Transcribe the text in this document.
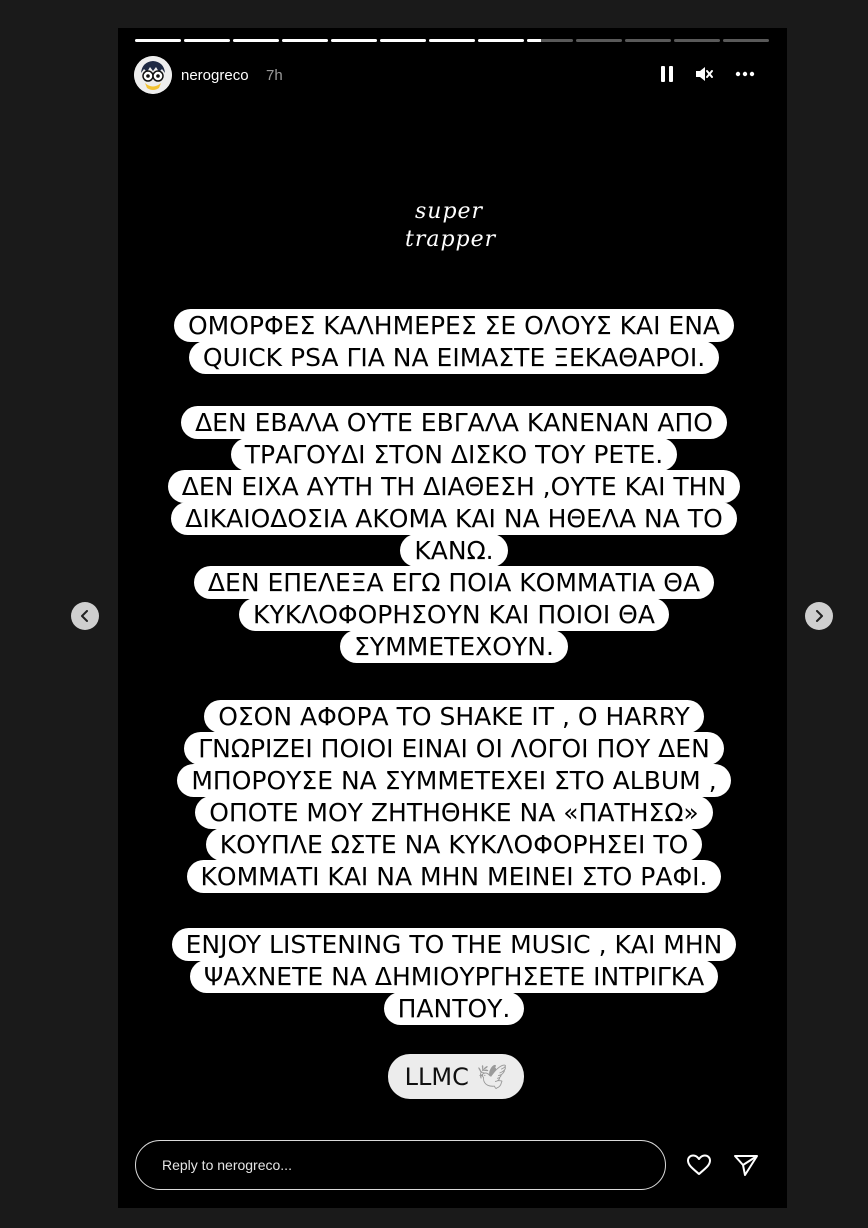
nerogreco 7h
super
trapper
ΟΜΟΡΦΕΣ ΚΑΛΗΜΕΡΕΣ ΣΕ ΟΛΟΥΣ ΚΑΙ ΕΝΑ
QUICK PSA ΓΙΑ ΝΑ ΕΙΜΑΣΤΕ ΞΕΚΑΘΑΡΟΙ.
ΔΕΝ ΕΒΑΛΑ ΟΥΤΕ ΕΒΓΑΛΑ ΚΑΝΕΝΑΝ ΑΠΟ
ΤΡΑΓΟΥΔΙ ΣΤΟΝ ΔΙΣΚΟ ΤΟΥ PETE.
ΔΕΝ ΕΙΧΑ ΑΥΤΗ ΤΗ ΔΙΑΘΕΣΗ ,ΟΥΤΕ ΚΑΙ ΤΗΝ
ΔΙΚΑΙΟΔΟΣΙΑ ΑΚΟΜΑ ΚΑΙ ΝΑ ΗΘΕΛΑ ΝΑ ΤΟ
ΚΑΝΩ.
ΔΕΝ ΕΠΕΛΕΞΑ ΕΓΩ ΠΟΙΑ ΚΟΜΜΑΤΙΑ ΘΑ
ΚΥΚΛΟΦΟΡΗΣΟΥΝ ΚΑΙ ΠΟΙΟΙ ΘΑ
ΣΥΜΜΕΤΕΧΟΥΝ.
ΟΣΟΝ ΑΦΟΡΑ ΤΟ SHAKE IT , Ο HARRY
ΓΝΩΡΙΖΕΙ ΠΟΙΟΙ ΕΙΝΑΙ ΟΙ ΛΟΓΟΙ ΠΟΥ ΔΕΝ
ΜΠΟΡΟΥΣΕ ΝΑ ΣΥΜΜΕΤΕΧΕΙ ΣΤΟ ALBUM ,
ΟΠΟΤΕ ΜΟΥ ΖΗΤΗΘΗΚΕ ΝΑ «ΠΑΤΗΣΩ»
ΚΟΥΠΛΕ ΩΣΤΕ ΝΑ ΚΥΚΛΟΦΟΡΗΣΕΙ ΤΟ
ΚΟΜΜΑΤΙ ΚΑΙ ΝΑ ΜΗΝ ΜΕΙΝΕΙ ΣΤΟ ΡΑΦΙ.
ENJOY LISTENING TO THE MUSIC , ΚΑΙ ΜΗΝ
ΨΑΧΝΕΤΕ ΝΑ ΔΗΜΙΟΥΡΓΗΣΕΤΕ ΙΝΤΡΙΓΚΑ
ΠΑΝΤΟΥ.
LLMC 🕊
Reply to nerogreco...
